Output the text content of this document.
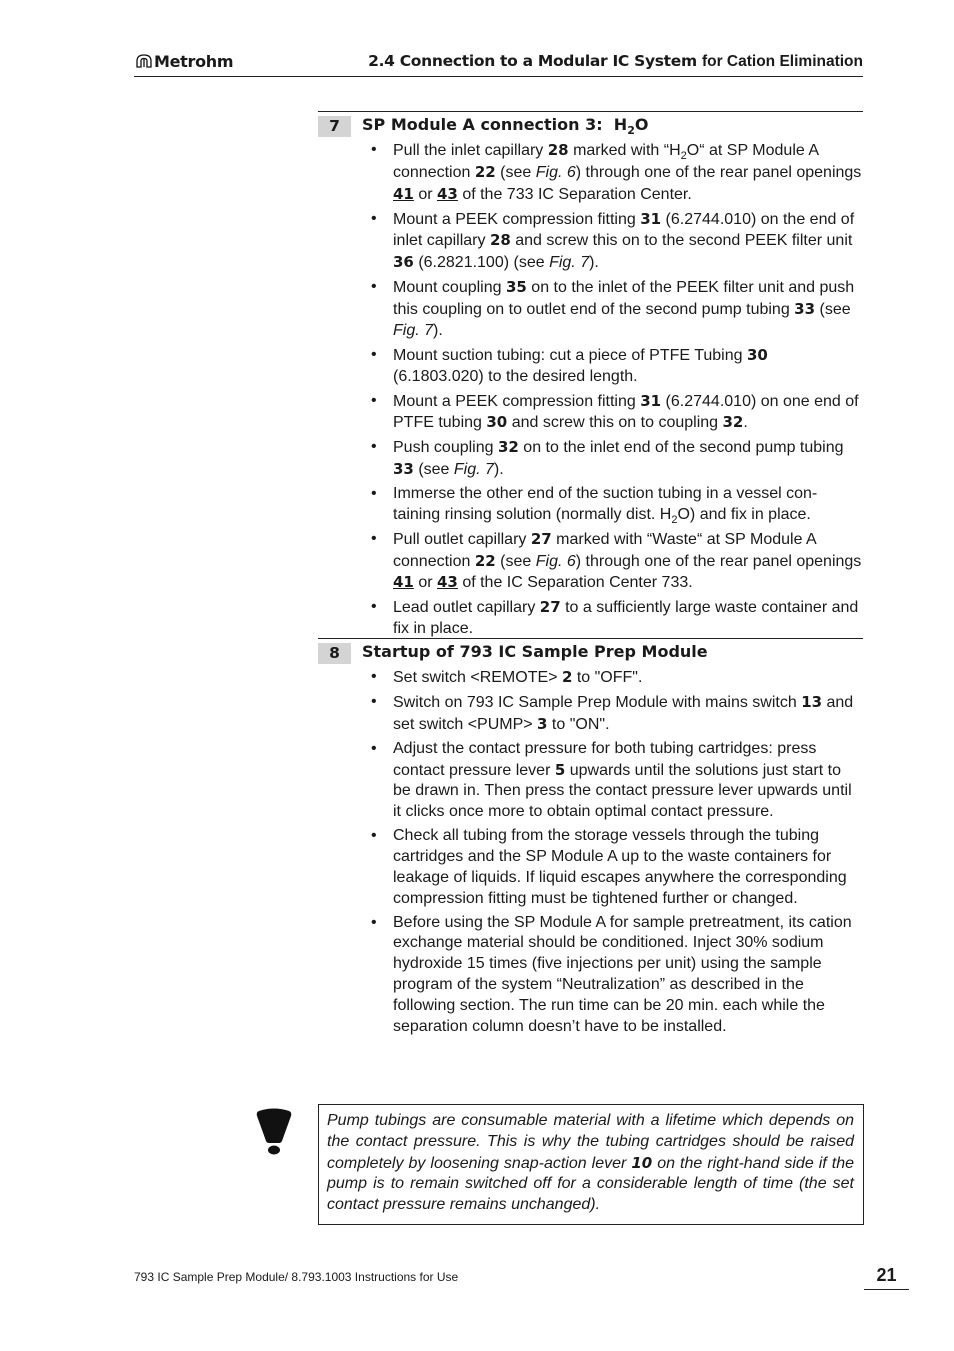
Metrohm	2.4 Connection to a Modular IC System for Cation Elimination
7	SP Module A connection 3:  $H_2O$
• Pull the inlet capillary 28 marked with “$H_2O“$ at SP Module A connection 22 (see Fig. 6) through one of the rear panel openings 41 or 43 of the 733 IC Separation Center.
• Mount a PEEK compression fitting 31 (6.2744.010) on the end of inlet capillary 28 and screw this on to the second PEEK filter unit 36 (6.2821.100) (see Fig. 7).
• Mount coupling 35 on to the inlet of the PEEK filter unit and push this coupling on to outlet end of the second pump tubing 33 (see Fig. 7).
• Mount suction tubing: cut a piece of PTFE Tubing 30 (6.1803.020) to the desired length.
• Mount a PEEK compression fitting 31 (6.2744.010) on one end of PTFE tubing 30 and screw this on to coupling 32.
• Push coupling 32 on to the inlet end of the second pump tubing 33 (see Fig. 7).
• Immerse the other end of the suction tubing in a vessel con-taining rinsing solution (normally dist. $H_2O$) and fix in place.
• Pull outlet capillary 27 marked with “Waste“ at SP Module A connection 22 (see Fig. 6) through one of the rear panel openings 41 or 43 of the IC Separation Center 733.
• Lead outlet capillary 27 to a sufficiently large waste container and fix in place.
8	Startup of 793 IC Sample Prep Module
• Set switch <REMOTE> 2 to "OFF".
• Switch on 793 IC Sample Prep Module with mains switch 13 and set switch <PUMP> 3 to "ON".
• Adjust the contact pressure for both tubing cartridges: press contact pressure lever 5 upwards until the solutions just start to be drawn in. Then press the contact pressure lever upwards until it clicks once more to obtain optimal contact pressure.
• Check all tubing from the storage vessels through the tubing cartridges and the SP Module A up to the waste containers for leakage of liquids. If liquid escapes anywhere the corresponding compression fitting must be tightened further or changed.
• Before using the SP Module A for sample pretreatment, its cation exchange material should be conditioned. Inject 30% sodium hydroxide 15 times (five injections per unit) using the sample program of the system “Neutralization” as described in the following section. The run time can be 20 min. each while the separation column doesn’t have to be installed.
Pump tubings are consumable material with a lifetime which depends on the contact pressure. This is why the tubing cartridges should be raised completely by loosening snap-action lever 10 on the right-hand side if the pump is to remain switched off for a considerable length of time (the set contact pressure remains unchanged).
793 IC Sample Prep Module/ 8.793.1003 Instructions for Use	21
